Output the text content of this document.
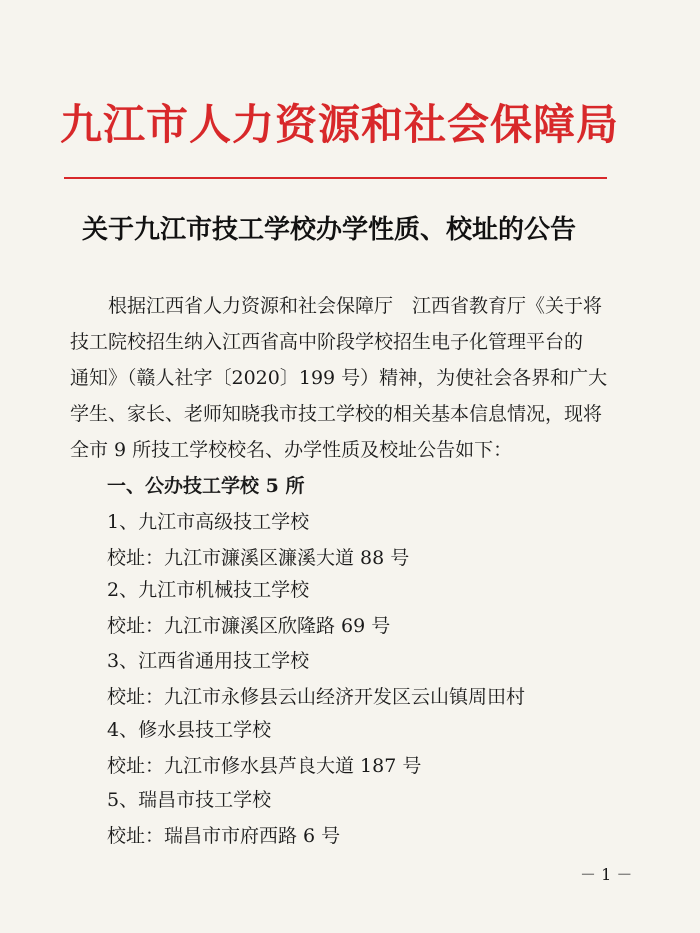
九江市人力资源和社会保障局
关于九江市技工学校办学性质、校址的公告
　　根据江西省人力资源和社会保障厅　江西省教育厅《关于将
技工院校招生纳入江西省高中阶段学校招生电子化管理平台的
通知》（赣人社字〔2020〕199 号）精神，为使社会各界和广大
学生、家长、老师知晓我市技工学校的相关基本信息情况，现将
全市 9 所技工学校校名、办学性质及校址公告如下：
一、公办技工学校 5 所
1、九江市高级技工学校
校址：九江市濂溪区濂溪大道 88 号
2、九江市机械技工学校
校址：九江市濂溪区欣隆路 69 号
3、江西省通用技工学校
校址：九江市永修县云山经济开发区云山镇周田村
4、修水县技工学校
校址：九江市修水县芦良大道 187 号
5、瑞昌市技工学校
校址：瑞昌市市府西路 6 号
－ 1 －
